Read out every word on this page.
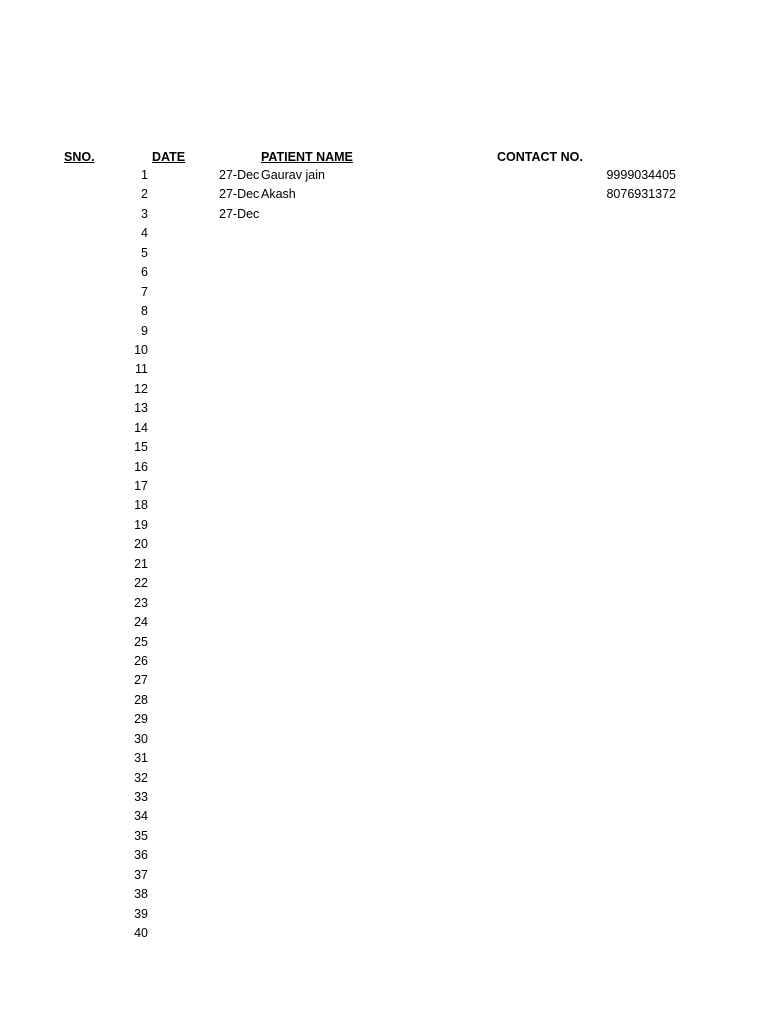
SNO.	DATE	PATIENT NAME	CONTACT NO.
1	27-Dec Gaurav jain	9999034405
2	27-Dec Akash	8076931372
3	27-Dec
4
5
6
7
8
9
10
11
12
13
14
15
16
17
18
19
20
21
22
23
24
25
26
27
28
29
30
31
32
33
34
35
36
37
38
39
40
